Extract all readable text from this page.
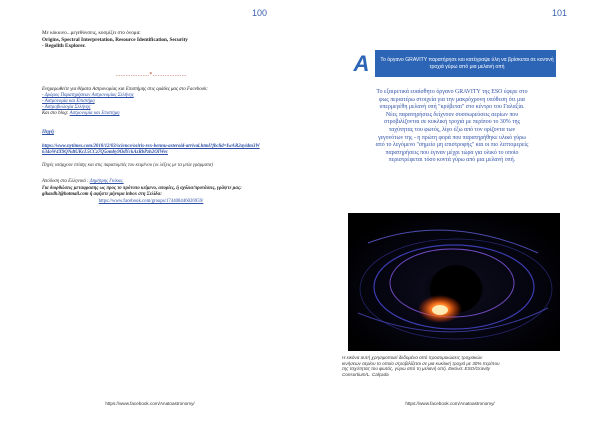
100
Με κόκκινο...μεγεθύνσεις, κοσμίζει στο όνομα:
Origins, Spectral Interpretation, Resource Identification, Security
- Regolith Explorer.
....................*....................
Ενημερωθείτε για θέματα Αστρονομίας και Επιστήμης στις ομάδες μας στο Facebook:
- Δρόμος Παρατηρήσεων Αστρονομίας Σελήνης
- Αστρονομία και Επιστήμη
- Αστροβιολογία Σελήνης
Και στο blog: Αστρονομία και Επιστήμη
Πηγή
https://www.nytimes.com/2018/12/03/science/osiris-rex-bennu-asteroid-arrival.html?fbclid=IwAR2ayidm3W634oW4X9QNdtUKcL5CCz7Q5omby9OdYckAzRbPzh2OIWec
Πηγές υπάρχουν επίσης και στις παραπομπές του κειμένου (οι λέξεις με τα μπλε γράμματα)
Απόδοση στα Ελληνικά : Δημήτρης Γκίκας.
Για διορθώσεις μεταφρασης ως προς το πρότυπο κείμενο, απορίες, ή σχόλια/προτάσεις, γράψτε μας: gikasdh3@hotmail.com ή αφήστε μήνυμα inbox στη Σελίδα:
https://www.facebook.com/groups/174408446026959/
https://www.facebook.com/Anatoastronomy/
101
A	Το όργανο GRAVITY παρατήρησε και κατέγραψε ύλη να βρίσκεται σε κοντινή τροχιά γύρω από μια μελανή οπή
Το εξαιρετικά ευαίσθητο όργανο GRAVITY της ESO έφερε στο
φως περαιτέρω στοιχεία για την μακρόχρονη υπόθεση ότι μια
υπερμεγέθη μελανή οπή "κρύβεται" στο κέντρο του Γαλαξία.
Νέες παρατηρήσεις δείχνουν συσσωρεύσεις αερίων που
στροβιλίζονται σε κυκλική τροχιά με περίπου το 30% της
ταχύτητας του φωτός, λίγο έξω από τον ορίζοντα των
γεγονότων της - η πρώτη φορά που παρατηρήθηκε υλικό γύρω
από το λεγόμενο "σημείο μη επιστροφής" και οι πιο λεπτομερείς
παρατηρήσεις που έγιναν μέχρι τώρα για υλικό το οποίο
περιστρέφεται τόσο κοντά γύρω από μια μελανή οπή.
Η εικόνα αυτή χρησιμοποιεί δεδομένα από προσομοιώσεις τροχιακών
κινήσεων αερίου το οποίο στροβιλίζεται σε μια κυκλική τροχιά με 30% περίπου
της ταχύτητας του φωτός, γύρω από τη μελανή οπή. Εικόνα: ESO/Gravity
Consortium/L. Calçada
https://www.facebook.com/Anatoastronomy/
